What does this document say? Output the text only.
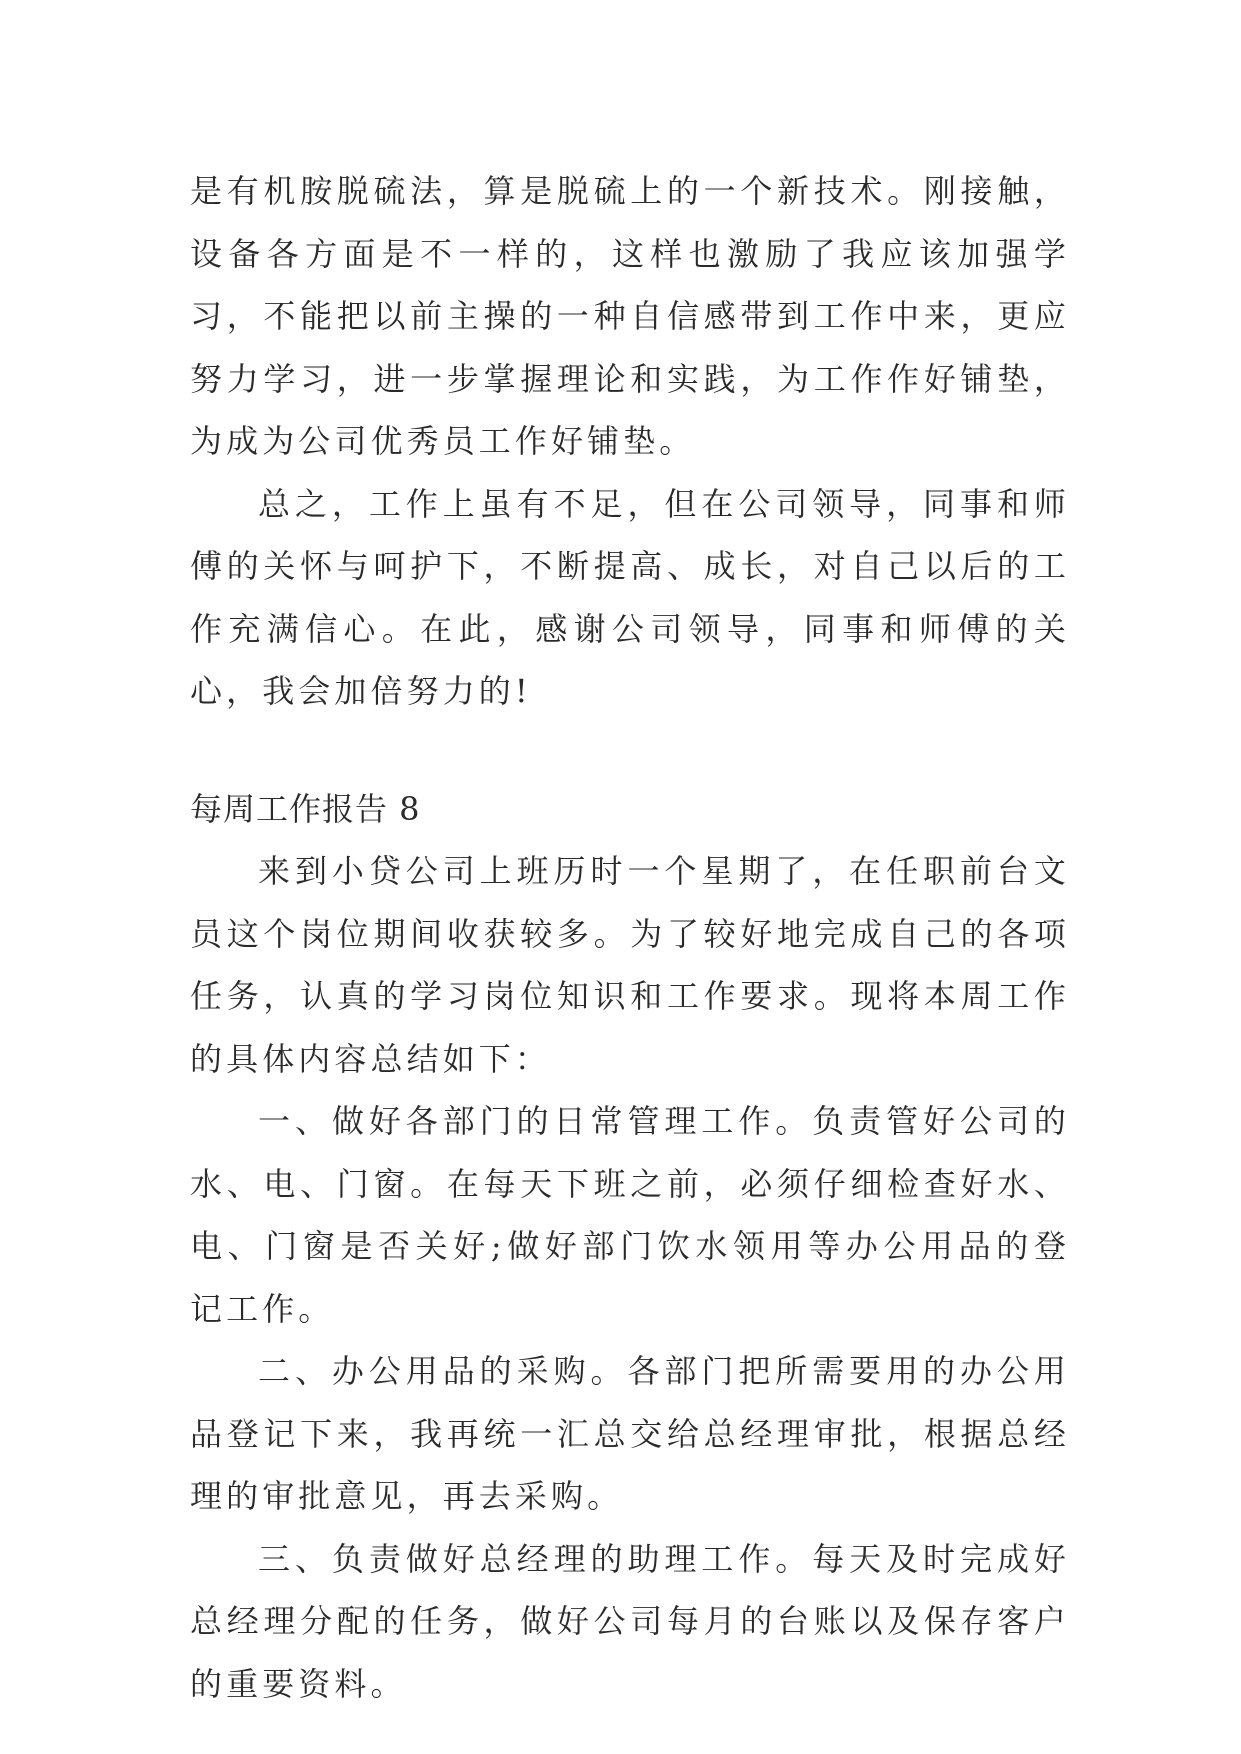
是有机胺脱硫法，算是脱硫上的一个新技术。刚接触，设备各方面是不一样的，这样也激励了我应该加强学习，不能把以前主操的一种自信感带到工作中来，更应努力学习，进一步掌握理论和实践，为工作作好铺垫，为成为公司优秀员工作好铺垫。

总之，工作上虽有不足，但在公司领导，同事和师傅的关怀与呵护下，不断提高、成长，对自己以后的工作充满信心。在此，感谢公司领导，同事和师傅的关心，我会加倍努力的!

每周工作报告 8

来到小贷公司上班历时一个星期了，在任职前台文员这个岗位期间收获较多。为了较好地完成自己的各项任务，认真的学习岗位知识和工作要求。现将本周工作的具体内容总结如下：

一、做好各部门的日常管理工作。负责管好公司的水、电、门窗。在每天下班之前，必须仔细检查好水、电、门窗是否关好;做好部门饮水领用等办公用品的登记工作。

二、办公用品的采购。各部门把所需要用的办公用品登记下来，我再统一汇总交给总经理审批，根据总经理的审批意见，再去采购。

三、负责做好总经理的助理工作。每天及时完成好总经理分配的任务，做好公司每月的台账以及保存客户的重要资料。
